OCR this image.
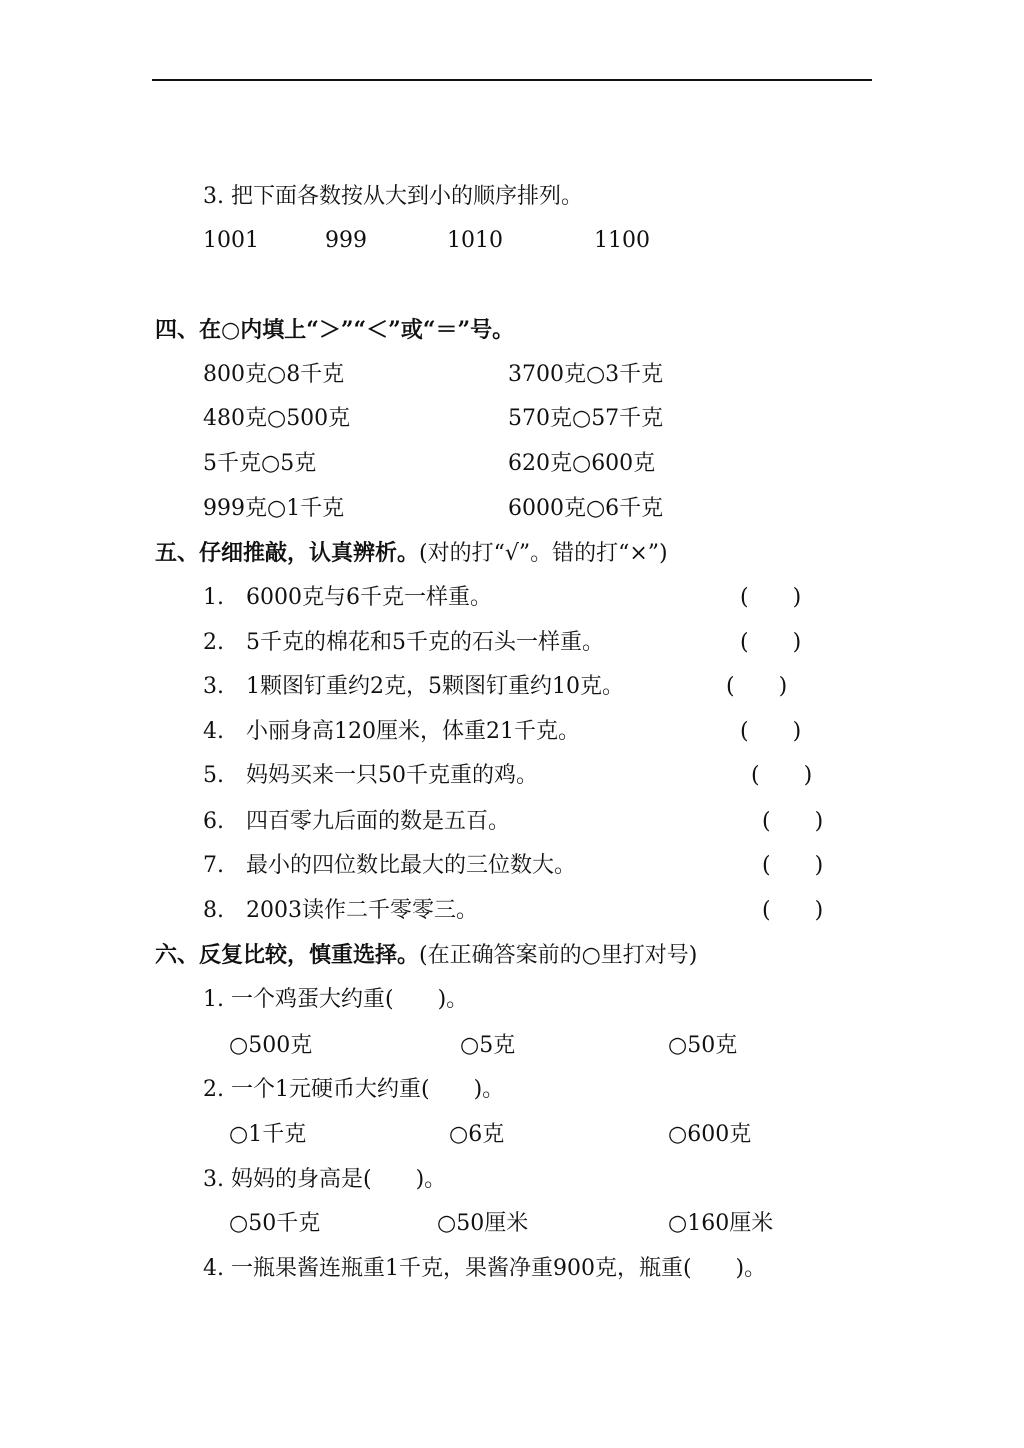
3. 把下面各数按从大到小的顺序排列。
1001	999	1010	1100
四、在○内填上“＞”“＜”或“＝”号。
800克○8千克	3700克○3千克
480克○500克	570克○57千克
5千克○5克	620克○600克
999克○1千克	6000克○6千克
五、仔细推敲，认真辨析。(对的打“√”。错的打“×”)
1.　6000克与6千克一样重。	(　　)
2.　5千克的棉花和5千克的石头一样重。	(　　)
3.　1颗图钉重约2克，5颗图钉重约10克。	(　　)
4.　小丽身高120厘米，体重21千克。	(　　)
5.　妈妈买来一只50千克重的鸡。	(　　)
6.　四百零九后面的数是五百。	(　　)
7.　最小的四位数比最大的三位数大。	(　　)
8.　2003读作二千零零三。	(　　)
六、反复比较，慎重选择。(在正确答案前的○里打对号)
1. 一个鸡蛋大约重(　　)。
○500克	○5克	○50克
2. 一个1元硬币大约重(　　)。
○1千克	○6克	○600克
3. 妈妈的身高是(　　)。
○50千克	○50厘米	○160厘米
4. 一瓶果酱连瓶重1千克，果酱净重900克，瓶重(　　)。
